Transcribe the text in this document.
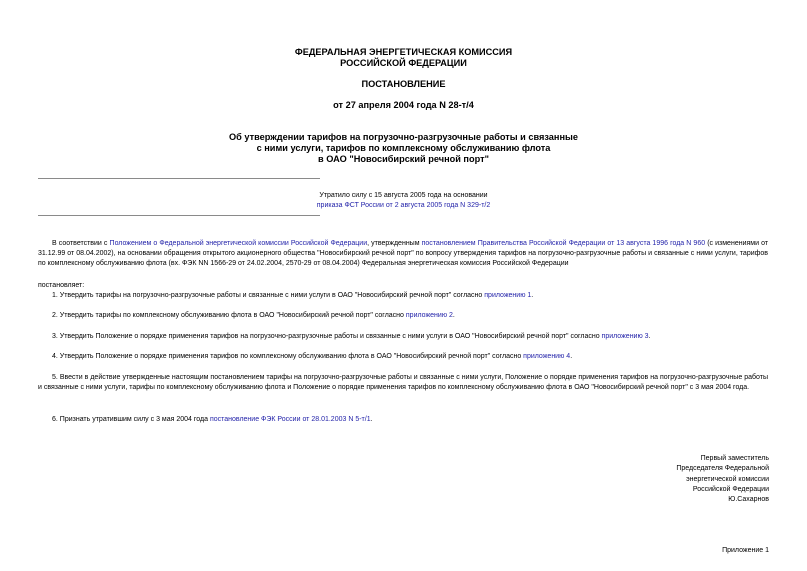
ФЕДЕРАЛЬНАЯ ЭНЕРГЕТИЧЕСКАЯ КОМИССИЯ
РОССИЙСКОЙ ФЕДЕРАЦИИ
ПОСТАНОВЛЕНИЕ
от 27 апреля 2004 года N 28-т/4
Об утверждении тарифов на погрузочно-разгрузочные работы и связанные
с ними услуги, тарифов по комплексному обслуживанию флота
в ОАО "Новосибирский речной порт"
Утратило силу с 15 августа 2005 года на основании
приказа ФСТ России от 2 августа 2005 года N 329-т/2
В соответствии с Положением о Федеральной энергетической комиссии Российской Федерации, утвержденным постановлением Правительства Российской Федерации от 13 августа 1996 года N 960 (с изменениями от 31.12.99 от 08.04.2002), на основании обращения открытого акционерного общества "Новосибирский речной порт" по вопросу утверждения тарифов на погрузочно-разгрузочные работы и связанные с ними услуги, тарифов по комплексному обслуживанию флота (вх. ФЭК NN 1566-29 от 24.02.2004, 2570-29 от 08.04.2004) Федеральная энергетическая комиссия Российской Федерации
постановляет:
1. Утвердить тарифы на погрузочно-разгрузочные работы и связанные с ними услуги в ОАО "Новосибирский речной порт" согласно приложению 1.
2. Утвердить тарифы по комплексному обслуживанию флота в ОАО "Новосибирский речной порт" согласно приложению 2.
3. Утвердить Положение о порядке применения тарифов на погрузочно-разгрузочные работы и связанные с ними услуги в ОАО "Новосибирский речной порт" согласно приложению 3.
4. Утвердить Положение о порядке применения тарифов по комплексному обслуживанию флота в ОАО "Новосибирский речной порт" согласно приложению 4.
5. Ввести в действие утвержденные настоящим постановлением тарифы на погрузочно-разгрузочные работы и связанные с ними услуги, Положение о порядке применения тарифов на погрузочно-разгрузочные работы и связанные с ними услуги, тарифы по комплексному обслуживанию флота и Положение о порядке применения тарифов по комплексному обслуживанию флота в ОАО "Новосибирский речной порт" с 3 мая 2004 года.
6. Признать утратившим силу с 3 мая 2004 года постановление ФЭК России от 28.01.2003 N 5-т/1.
Первый заместитель
Председателя Федеральной
энергетической комиссии
Российской Федерации
Ю.Сахарнов
Приложение 1
